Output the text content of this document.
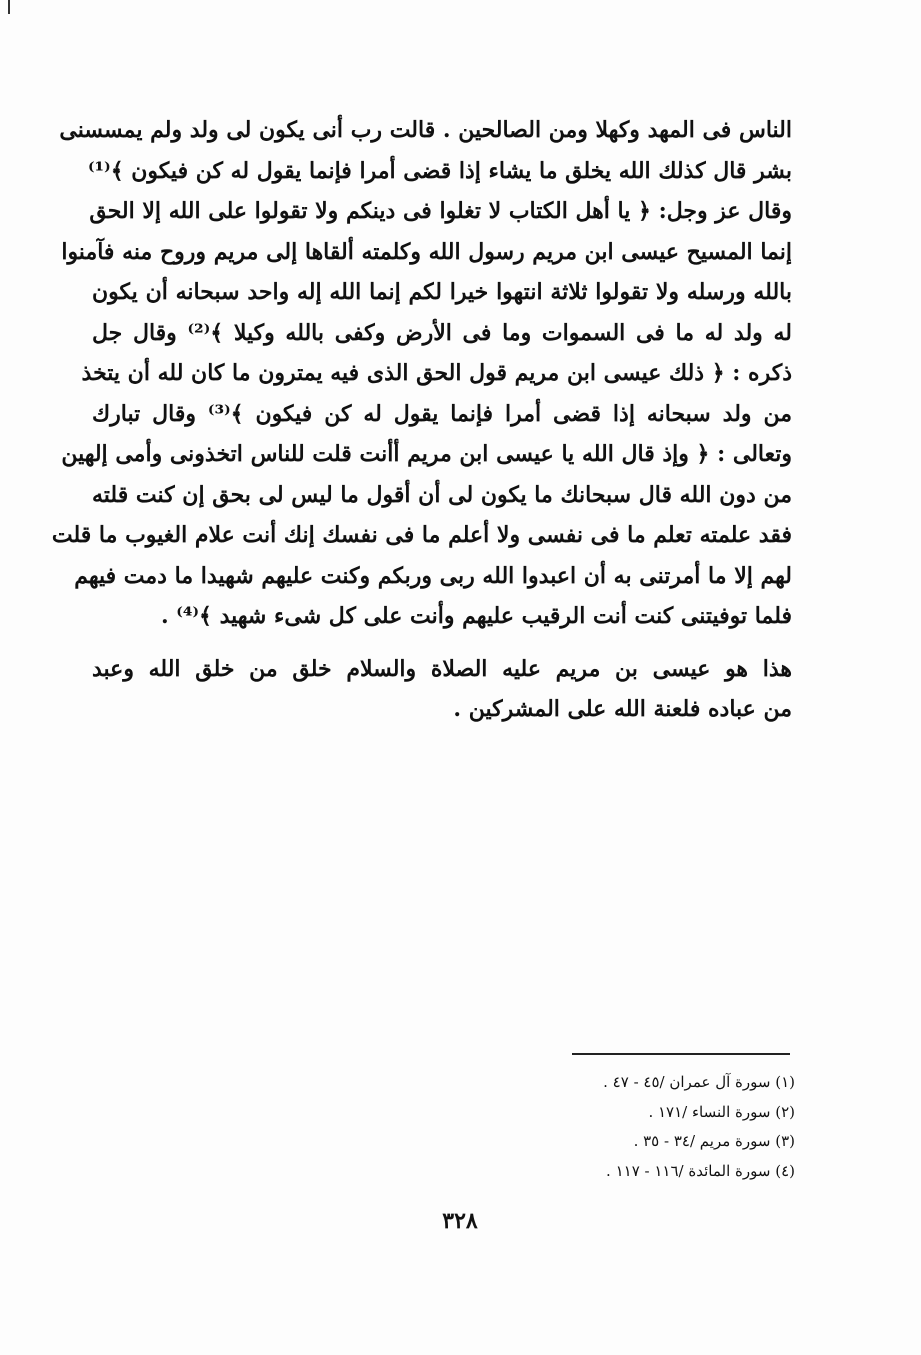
الناس فى المهد وكهلا ومن الصالحين . قالت رب أنى يكون لى ولد ولم يمسسنى
بشر قال كذلك الله يخلق ما يشاء إذا قضى أمرا فإنما يقول له كن فيكون ﴾⁽¹⁾
وقال عز وجل: ﴿ يا أهل الكتاب لا تغلوا فى دينكم ولا تقولوا على الله إلا الحق
إنما المسيح عيسى ابن مريم رسول الله وكلمته ألقاها إلى مريم وروح منه فآمنوا
بالله ورسله ولا تقولوا ثلاثة انتهوا خيرا لكم إنما الله إله واحد سبحانه أن يكون
له ولد له ما فى السموات وما فى الأرض وكفى بالله وكيلا ﴾⁽²⁾ وقال جل
ذكره : ﴿ ذلك عيسى ابن مريم قول الحق الذى فيه يمترون ما كان لله أن يتخذ
من ولد سبحانه إذا قضى أمرا فإنما يقول له كن فيكون ﴾⁽³⁾ وقال تبارك
وتعالى : ﴿ وإذ قال الله يا عيسى ابن مريم أأنت قلت للناس اتخذونى وأمى إلهين
من دون الله قال سبحانك ما يكون لى أن أقول ما ليس لى بحق إن كنت قلته
فقد علمته تعلم ما فى نفسى ولا أعلم ما فى نفسك إنك أنت علام الغيوب ما قلت
لهم إلا ما أمرتنى به أن اعبدوا الله ربى وربكم وكنت عليهم شهيدا ما دمت فيهم
فلما توفيتنى كنت أنت الرقيب عليهم وأنت على كل شىء شهيد ﴾⁽⁴⁾ .
هذا هو عيسى بن مريم عليه الصلاة والسلام خلق من خلق الله وعبد
من عباده فلعنة الله على المشركين .
(١) سورة آل عمران /٤٥ - ٤٧ .
(٢) سورة النساء /١٧١ .
(٣) سورة مريم /٣٤ - ٣٥ .
(٤) سورة المائدة /١١٦ - ١١٧ .
٣٢٨
